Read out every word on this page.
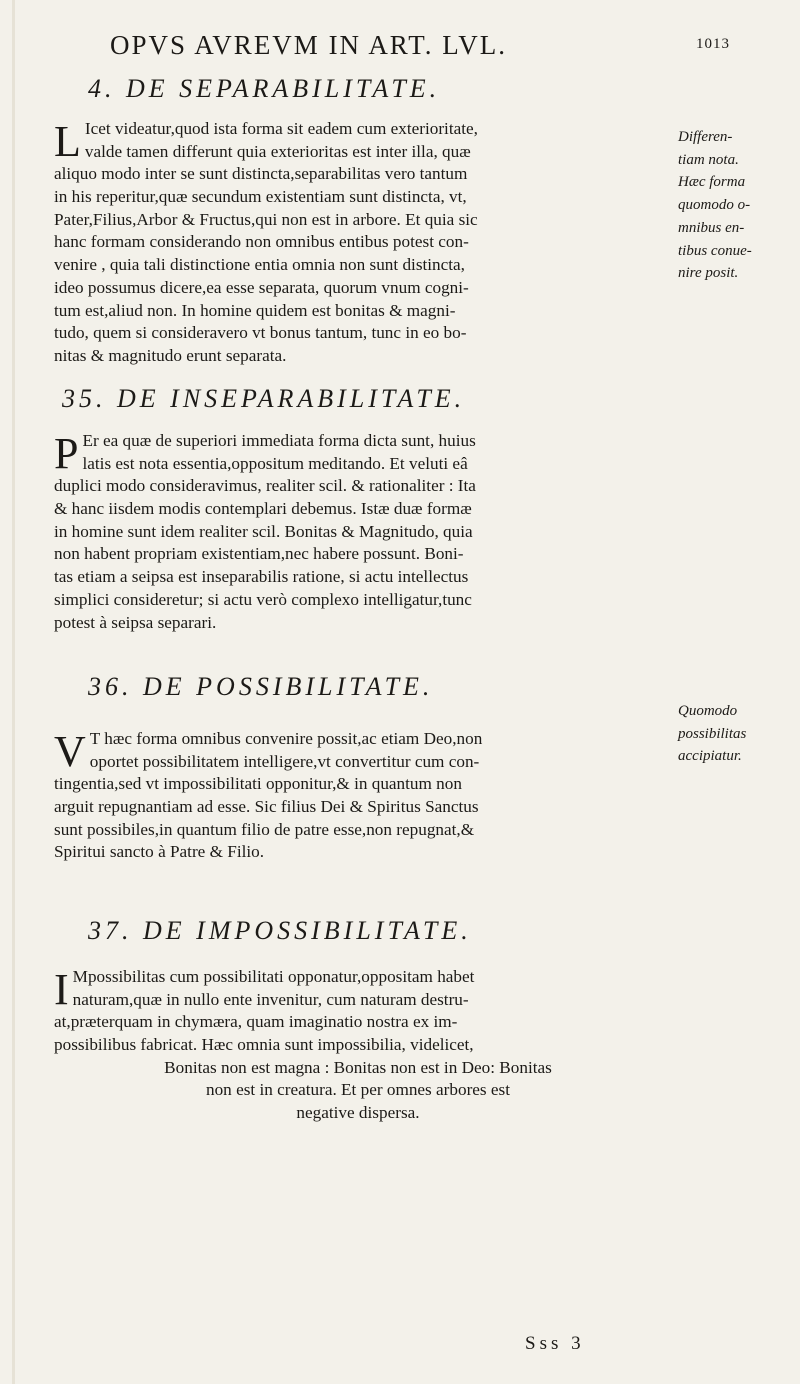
OPVS AVREVM IN ART. LVL.	1013
4. DE SEPARABILITATE.
L Icet videatur,quod ista forma sit eadem cum exterioritate,
valde tamen differunt quia exterioritas est inter illa, quæ
aliquo modo inter se sunt distincta,separabilitas vero tantum
in his reperitur,quæ secundum existentiam sunt distincta, vt,
Pater,Filius,Arbor & Fructus,qui non est in arbore. Et quia sic
hanc formam considerando non omnibus entibus potest con-
venire , quia tali distinctione entia omnia non sunt distincta,
ideo possumus dicere,ea esse separata, quorum vnum cogni-
tum est,aliud non. In homine quidem est bonitas & magni-
tudo, quem si consideravero vt bonus tantum, tunc in eo bo-
nitas & magnitudo erunt separata.
Differen-
tiam nota.
Hæc forma
quomodo o-
mnibus en-
tibus conue-
nire posit.
35. DE INSEPARABILITATE.
P Er ea quæ de superiori immediata forma dicta sunt, huius
latis est nota essentia,oppositum meditando. Et veluti eâ
duplici modo consideravimus, realiter scil. & rationaliter : Ita
& hanc iisdem modis contemplari debemus. Istæ duæ formæ
in homine sunt idem realiter scil. Bonitas & Magnitudo, quia
non habent propriam existentiam,nec habere possunt. Boni-
tas etiam a seipsa est inseparabilis ratione, si actu intellectus
simplici consideretur; si actu verò complexo intelligatur,tunc
potest à seipsa separari.
36. DE POSSIBILITATE.
V T hæc forma omnibus convenire possit,ac etiam Deo,non
oportet possibilitatem intelligere,vt convertitur cum con-
tingentia,sed vt impossibilitati opponitur,& in quantum non
arguit repugnantiam ad esse. Sic filius Dei & Spiritus Sanctus
sunt possibiles,in quantum filio de patre esse,non repugnat,&
Spiritui sancto à Patre & Filio.
Quomodo
possibilitas
accipiatur.
37. DE IMPOSSIBILITATE.
I Mpossibilitas cum possibilitati opponatur,oppositam habet
naturam,quæ in nullo ente invenitur, cum naturam destru-
at,præterquam in chymæra, quam imaginatio nostra ex im-
possibilibus fabricat. Hæc omnia sunt impossibilia, videlicet,
Bonitas non est magna : Bonitas non est in Deo: Bonitas
non est in creatura. Et per omnes arbores est
negative dispersa.
Sss 3
